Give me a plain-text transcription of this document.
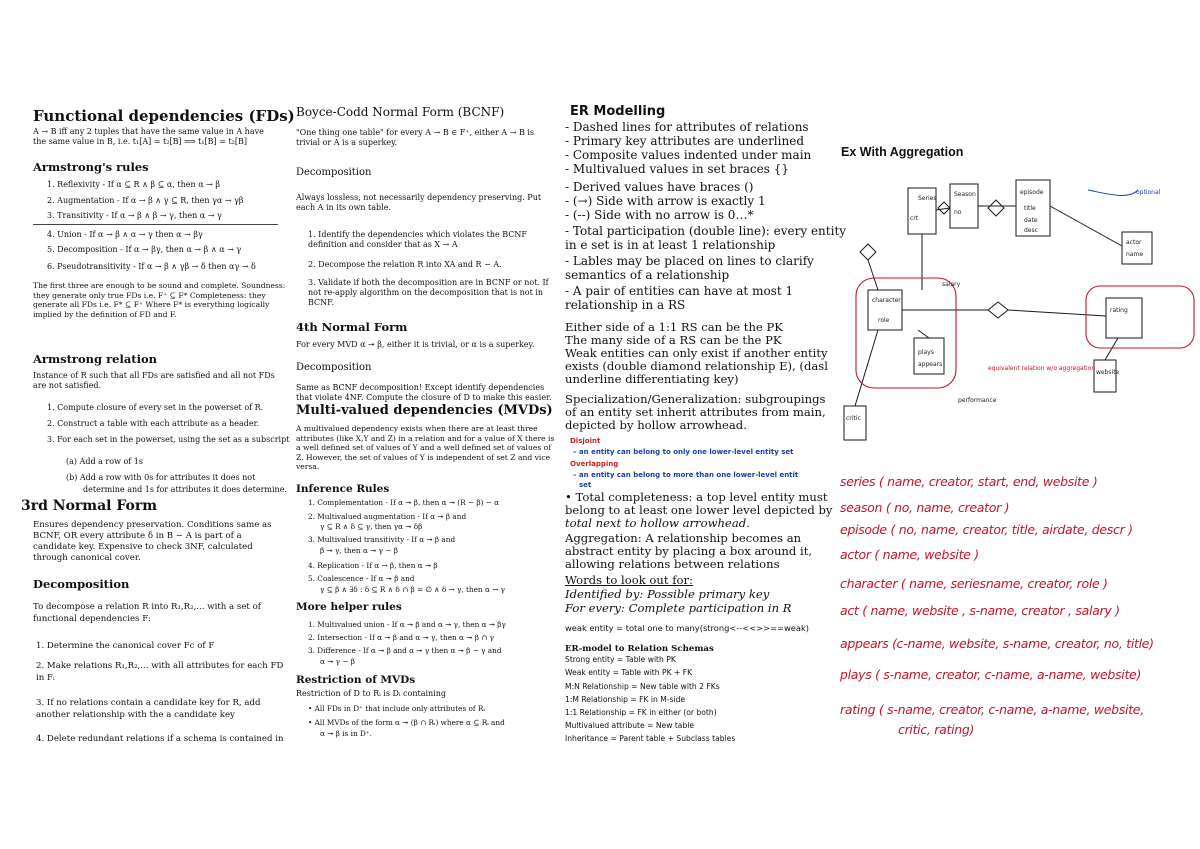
Functional dependencies (FDs)
A → B iff any 2 tuples that have the same value in A have the same value in B, i.e. t₁[A] = t₂[B] ⟹ t₁[B] = t₂[B]
Armstrong's rules
1. Reflexivity - If α ⊆ R ∧ β ⊆ α, then α → β
2. Augmentation - If α → β ∧ γ ⊆ R, then γα → γβ
3. Transitivity - If α → β ∧ β → γ, then α → γ
4. Union - If α → β ∧ α → γ then α → βγ
5. Decomposition - If α → βγ, then α → β ∧ α → γ
6. Pseudotransitivity - If α → β ∧ γβ → δ then αγ → δ
The first three are enough to be sound and complete. Soundness: they generate only true FDs i.e. F⁺ ⊆ F* Completeness: they generate all FDs i.e. F* ⊆ F⁺ Where F* is everything logically implied by the definition of FD and F.
Armstrong relation
Instance of R such that all FDs are satisfied and all not FDs are not satisfied.
1. Compute closure of every set in the powerset of R.
2. Construct a table with each attribute as a header.
3. For each set in the powerset, using the set as a subscript
(a) Add a row of 1s
(b) Add a row with 0s for attributes it does not
determine and 1s for attributes it does determine.
3rd Normal Form
Ensures dependency preservation. Conditions same as BCNF, OR every attribute δ in B − A is part of a candidate key. Expensive to check 3NF, calculated through canonical cover.
Decomposition
To decompose a relation R into R₁,R₂,... with a set of functional dependencies F:
1. Determine the canonical cover Fc of F
2. Make relations R₁,R₂,... with all attributes for each FD in Fᵢ
3. If no relations contain a candidate key for R, add another relationship with the a candidate key
4. Delete redundant relations if a schema is contained in
Boyce-Codd Normal Form (BCNF)
"One thing one table" for every A → B ∈ F⁺, either A → B is trivial or A is a superkey.
Decomposition
Always lossless, not necessarily dependency preserving. Put each A in its own table.
1. Identify the dependencies which violates the BCNF definition and consider that as X → A
2. Decompose the relation R into XA and R − A.
3. Validate if both the decomposition are in BCNF or not. If not re-apply algorithm on the decomposition that is not in BCNF.
4th Normal Form
For every MVD α ↠ β, either it is trivial, or α is a superkey.
Decomposition
Same as BCNF decomposition! Except identify dependencies that violate 4NF. Compute the closure of D to make this easier.
Multi-valued dependencies (MVDs)
A multivalued dependency exists when there are at least three attributes (like X,Y and Z) in a relation and for a value of X there is a well defined set of values of Y and a well defined set of values of Z. However, the set of values of Y is independent of set Z and vice versa.
Inference Rules
1. Complementation - If α ↠ β, then α ↠ (R − β) − α
2. Multivalued augmentation - If α ↠ β and
γ ⊆ R ∧ δ ⊆ γ, then γα ↠ δβ
3. Multivalued transitivity - If α ↠ β and
β ↠ γ, then α ↠ γ − β
4. Replication - If α → β, then α ↠ β
5. Coalescence - If α ↠ β and
γ ⊆ β ∧ ∃δ : δ ⊆ R ∧ δ ∩ β = ∅ ∧ δ → γ, then α → γ
More helper rules
1. Multivalued union - If α ↠ β and α ↠ γ, then α ↠ βγ
2. Intersection - If α ↠ β and α ↠ γ, then α ↠ β ∩ γ
3. Difference - If α ↠ β and α ↠ γ then α ↠ β − γ and
α ↠ γ − β
Restriction of MVDs
Restriction of D to Rᵢ is Dᵢ containing
• All FDs in D⁺ that include only attributes of Rᵢ
• All MVDs of the form α ↠ (β ∩ Rᵢ) where α ⊆ Rᵢ and
α ↠ β is in D⁺.
ER Modelling
- Dashed lines for attributes of relations
- Primary key attributes are underlined
- Composite values indented under main
- Multivalued values in set braces {}
- Derived values have braces ()
- (→) Side with arrow is exactly 1
- (--) Side with no arrow is 0…*
- Total participation (double line): every entity
in e set is in at least 1 relationship
- Lables may be placed on lines to clarify
semantics of a relationship
- A pair of entities can have at most 1
relationship in a RS
Either side of a 1:1 RS can be the PK
The many side of a RS can be the PK
Weak entities can only exist if another entity
exists (double diamond relationship E), (dasl
underline differentiating key)
Specialization/Generalization: subgroupings
of an entity set inherit attributes from main,
depicted by hollow arrowhead.
Disjoint
– an entity can belong to only one lower-level entity set
Overlapping
– an entity can belong to more than one lower-level entit
set
• Total completeness: a top level entity must
belong to at least one lower level depicted by
total next to hollow arrowhead.
Aggregation: A relationship becomes an
abstract entity by placing a box around it,
allowing relations between relations
Words to look out for:
Identified by: Possible primary key
For every: Complete participation in R
weak entity = total one to many(strong<--<<>>==weak)
ER-model to Relation Schemas
Strong entity = Table with PK
Weak entity = Table with PK + FK
M:N Relationship = New table with 2 FKs
1:M Relationship = FK in M-side
1:1 Relationship = FK in either (or both)
Multivalued attribute = New table
Inheritance = Parent table + Subclass tables
Ex With Aggregation
Series
Season	episode
title
actor
name
character
role
rating
critic
salary
performance
optional
equivalent relation w/o aggregation
plays
crt	date
desc
no
appears
website
series ( name, creator, start, end, website )
season ( no, name, creator )
episode ( no, name, creator, title, airdate, descr )
actor ( name, website )
character ( name, seriesname, creator, role )
act ( name, website , s-name, creator , salary )
appears (c-name, website, s-name, creator, no, title)
plays ( s-name, creator, c-name, a-name, website)
rating ( s-name, creator, c-name, a-name, website,
critic, rating)
